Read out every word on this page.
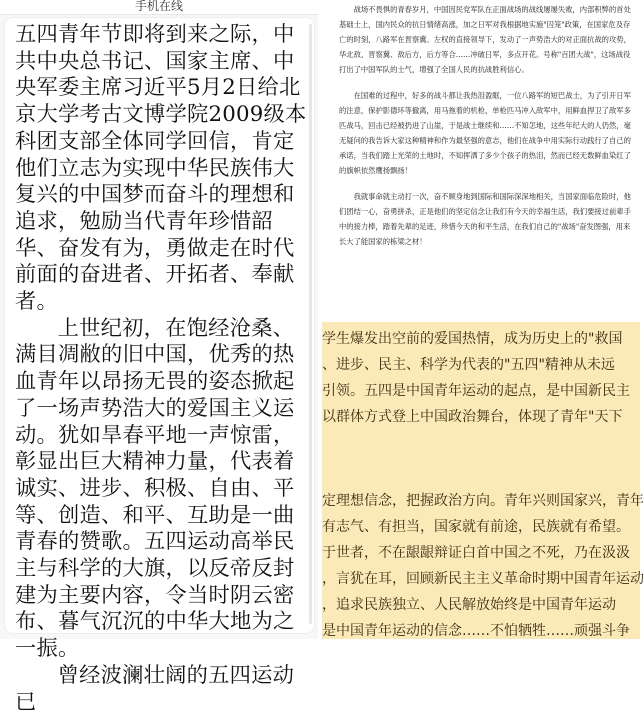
手机在线

五四青年节即将到来之际，中共中央总书记、国家主席、中央军委主席习近平5月2日给北京大学考古文博学院2009级本科团支部全体同学回信，肯定他们立志为实现中华民族伟大复兴的中国梦而奋斗的理想和追求，勉励当代青年珍惜韶华、奋发有为，勇做走在时代前面的奋进者、开拓者、奉献者。

上世纪初，在饱经沧桑、满目凋敝的旧中国，优秀的热血青年以昂扬无畏的姿态掀起了一场声势浩大的爱国主义运动。犹如旱春平地一声惊雷，彰显出巨大精神力量，代表着诚实、进步、积极、自由、平等、创造、和平、互助是一曲青春的赞歌。五四运动高举民主与科学的大旗，以反帝反封建为主要内容，令当时阴云密布、暮气沉沉的中华大地为之一振。

曾经波澜壮阔的五四运动已

战场不畏惧的青春岁月，中国因民党军队在正面战场的战线屡屡失败，内部积弊的首处基础士上，国内民众的抗日情绪高涨，加之日军对我根据地实施"囚笼"政策，在国家危及存亡的时刻，八路军在晋察冀、左权的直接领导下，发动了一声势浩大的对正面抗战的攻势，华北敌、晋察冀、敌后方，后方等合……冲破日军，多点开花。号称"百团大战"，这场战役打出了中国军队的士气，增强了全国人民的抗战胜利信心。

在国难的过程中，好多的战斗都让我热泪盈眶，一位八路军的短巴战士，为了引开日军的注意，保护影德环等撤离，用马拖着的机枪，单枪匹马冲入敌军中，用鲜血捍卫了敌军多匹战马，回击已经被扔进了山崖，于是战士继续和……不知怎地，这些年纪大的人仍然，毫无疑问的我告诉大家这种精神和作为最坚强的意志，他们在战争中用实际行动践行了自己的承诺，当我们踏上光荣的土地时，不知挥洒了多少个孩子的热泪，然而已经无数鲜血染红了的旗帜依然鹰扬飘扬！

我就事命就主动打一次，奋不顾身地到国际和国际深深地相关，当国家面临危险时，他们团结一心，奋勇拼杀，正是他们的坚定信念让我们有今天的幸福生活，我们要接过前辈手中的接力棒，踏着先辈的足迹，珍惜今天的和平生活，在我们自己的"战场"奋发图强，用来长大了能国家的栋梁之材！

学生爆发出空前的爱国热情，成为历史上的"救国
、进步、民主、科学为代表的"五四"精神从未远
引领。五四是中国青年运动的起点，是中国新民主
以群体方式登上中国政治舞台，体现了青年"天下
定理想信念，把握政治方向。青年兴则国家兴，青年
有志气、有担当，国家就有前途，民族就有希望。
于世者，不在龈龈辩证白首中国之不死，乃在汲汲
，言犹在耳，回顾新民主主义革命时期中国青年运动
，追求民族独立、人民解放始终是中国青年运动
是中国青年运动的信念……不怕牺牲……顽强斗争
